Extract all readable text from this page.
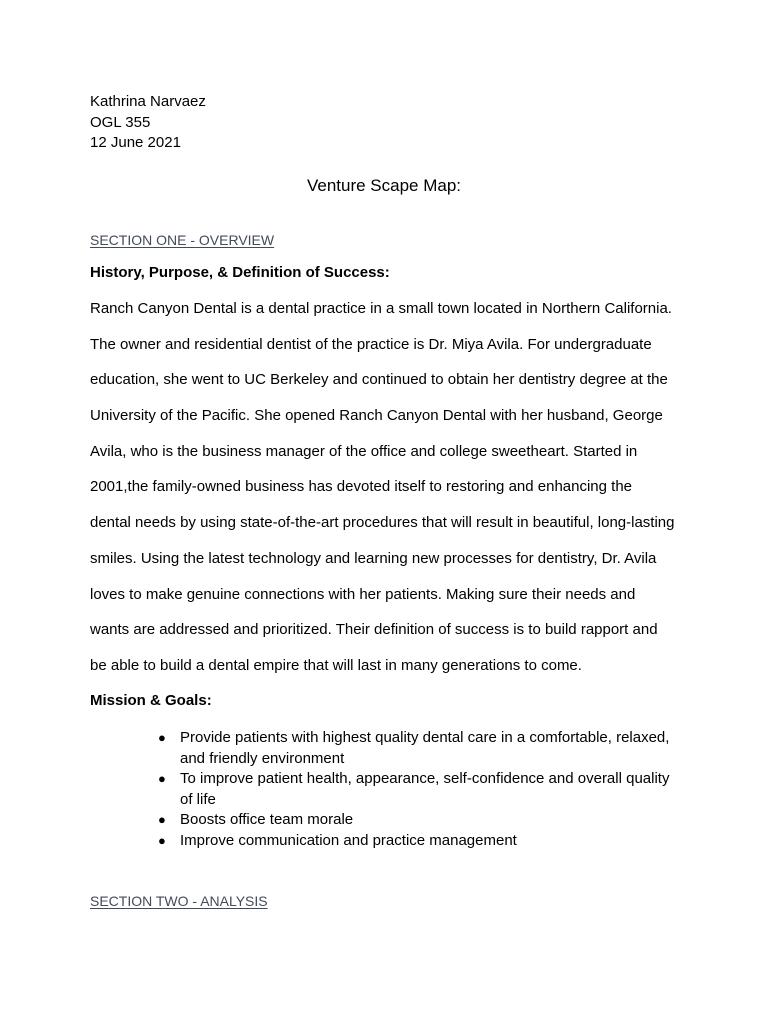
Kathrina Narvaez
OGL 355
12 June 2021
Venture Scape Map:
SECTION ONE - OVERVIEW
History, Purpose, & Definition of Success:
Ranch Canyon Dental is a dental practice in a small town located in Northern California.
The owner and residential dentist of the practice is Dr. Miya Avila. For undergraduate
education, she went to UC Berkeley and continued to obtain her dentistry degree at the
University of the Pacific. She opened Ranch Canyon Dental with her husband, George
Avila, who is the business manager of the office and college sweetheart. Started in
2001,the family-owned business has devoted itself to restoring and enhancing the
dental needs by using state-of-the-art procedures that will result in beautiful, long-lasting
smiles. Using the latest technology and learning new processes for dentistry, Dr. Avila
loves to make genuine connections with her patients. Making sure their needs and
wants are addressed and prioritized. Their definition of success is to build rapport and
be able to build a dental empire that will last in many generations to come.
Mission & Goals:
● Provide patients with highest quality dental care in a comfortable, relaxed,
and friendly environment
● To improve patient health, appearance, self-confidence and overall quality
of life
● Boosts office team morale
● Improve communication and practice management
SECTION TWO - ANALYSIS
